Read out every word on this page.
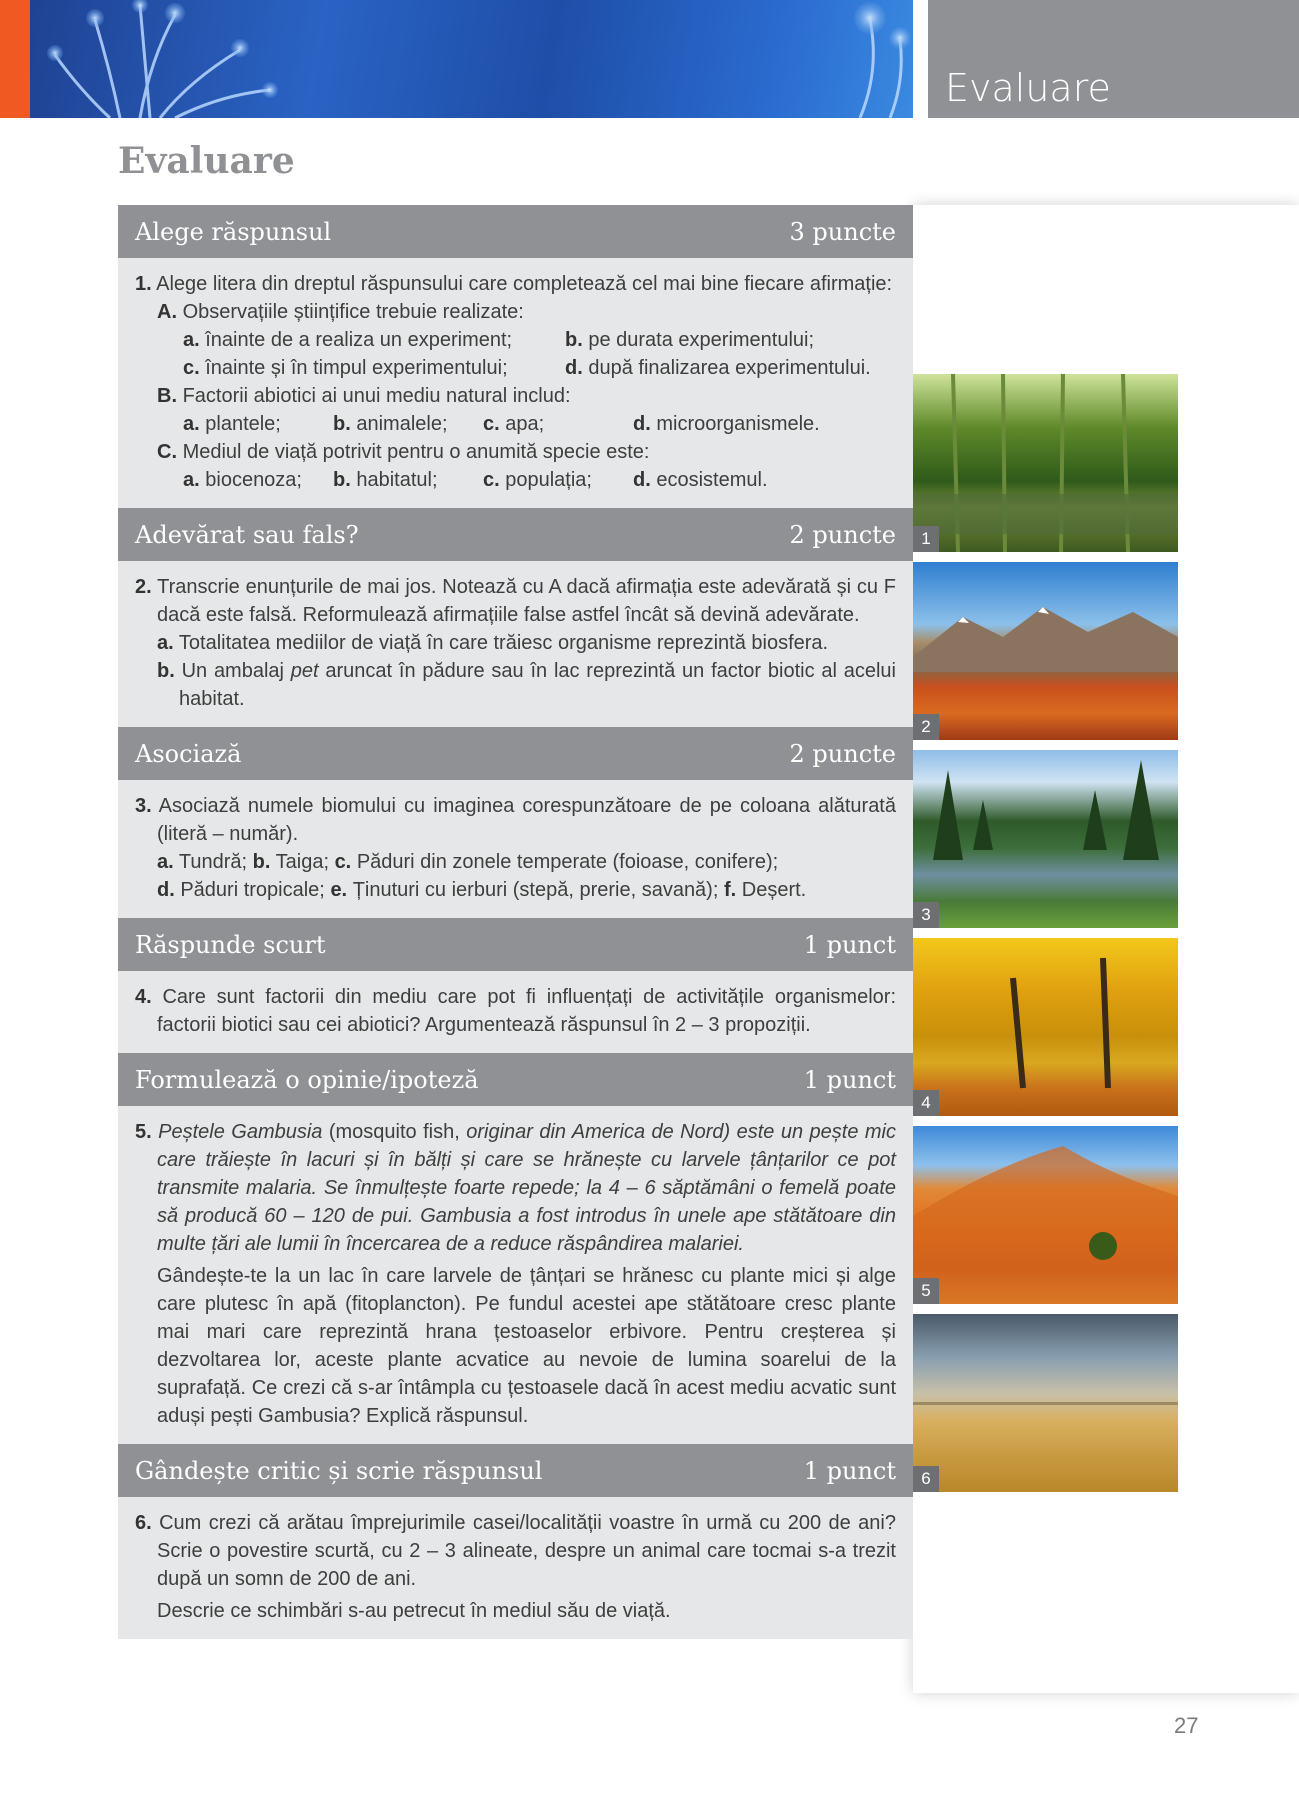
Evaluare
Evaluare
Alege răspunsul	3 puncte
1. Alege litera din dreptul răspunsului care completează cel mai bine fiecare afirmație:
A. Observațiile științifice trebuie realizate:
a. înainte de a realiza un experiment;	b. pe durata experimentului;
c. înainte și în timpul experimentului;	d. după finalizarea experimentului.
B. Factorii abiotici ai unui mediu natural includ:
a. plantele;	b. animalele;	c. apa;	d. microorganismele.
C. Mediul de viață potrivit pentru o anumită specie este:
a. biocenoza;	b. habitatul;	c. populația;	d. ecosistemul.
Adevărat sau fals?	2 puncte
2. Transcrie enunțurile de mai jos. Notează cu A dacă afirmația este adevărată și cu F dacă este falsă. Reformulează afirmațiile false astfel încât să devină adevărate.
a. Totalitatea mediilor de viață în care trăiesc organisme reprezintă biosfera.
b. Un ambalaj pet aruncat în pădure sau în lac reprezintă un factor biotic al acelui habitat.
Asociază	2 puncte
3. Asociază numele biomului cu imaginea corespunzătoare de pe coloana alăturată (literă – număr).
a. Tundră; b. Taiga; c. Păduri din zonele temperate (foioase, conifere);
d. Păduri tropicale; e. Ținuturi cu ierburi (stepă, prerie, savană); f. Deșert.
Răspunde scurt	1 punct
4. Care sunt factorii din mediu care pot fi influențați de activitățile organismelor: factorii biotici sau cei abiotici? Argumentează răspunsul în 2 – 3 propoziții.
Formulează o opinie/ipoteză	1 punct
5. Peștele Gambusia (mosquito fish, originar din America de Nord) este un pește mic care trăiește în lacuri și în bălți și care se hrănește cu larvele țânțarilor ce pot transmite malaria. Se înmulțește foarte repede; la 4 – 6 săptămâni o femelă poate să producă 60 – 120 de pui. Gambusia a fost introdus în unele ape stătătoare din multe țări ale lumii în încercarea de a reduce răspândirea malariei.
Gândește-te la un lac în care larvele de țânțari se hrănesc cu plante mici și alge care plutesc în apă (fitoplancton). Pe fundul acestei ape stătătoare cresc plante mai mari care reprezintă hrana țestoaselor erbivore. Pentru creșterea și dezvoltarea lor, aceste plante acvatice au nevoie de lumina soarelui de la suprafață. Ce crezi că s-ar întâmpla cu țestoasele dacă în acest mediu acvatic sunt aduși pești Gambusia? Explică răspunsul.
Gândește critic și scrie răspunsul	1 punct
6. Cum crezi că arătau împrejurimile casei/localității voastre în urmă cu 200 de ani? Scrie o povestire scurtă, cu 2 – 3 alineate, despre un animal care tocmai s-a trezit după un somn de 200 de ani.
Descrie ce schimbări s-au petrecut în mediul său de viață.
1
2
3
4
5
6
27
